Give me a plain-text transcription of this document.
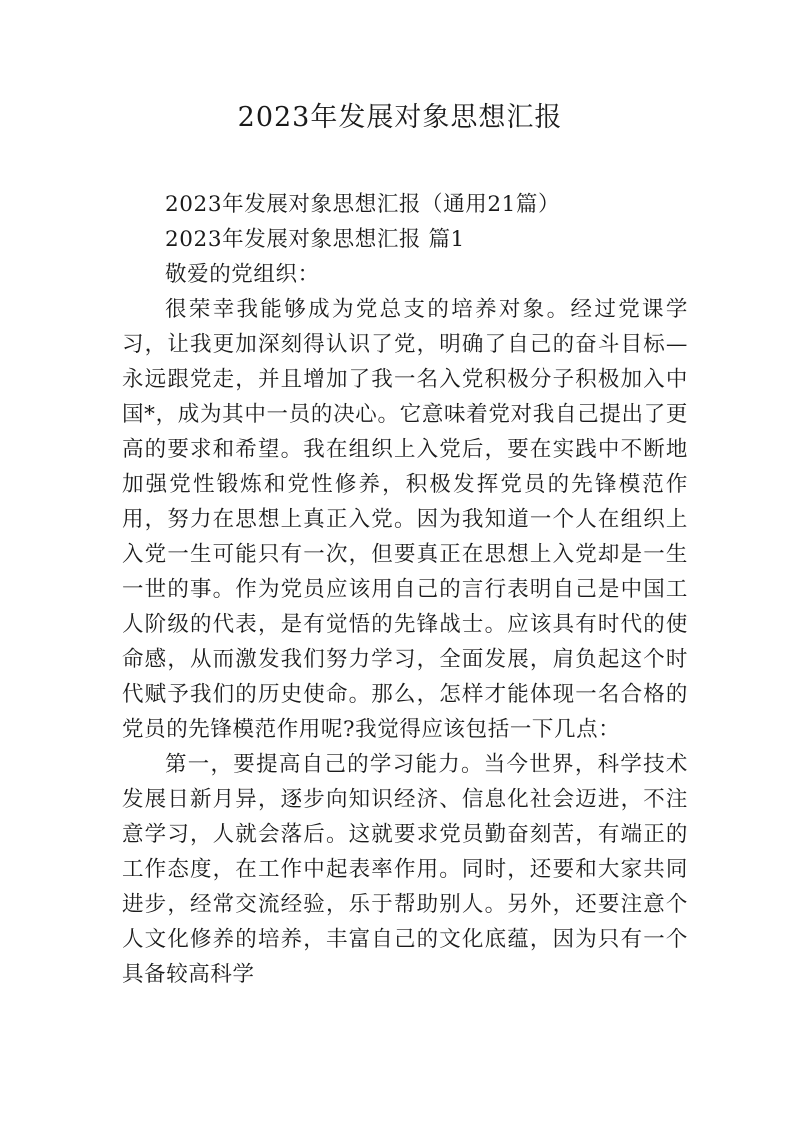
2023年发展对象思想汇报

2023年发展对象思想汇报（通用21篇）

2023年发展对象思想汇报 篇1

敬爱的党组织：

很荣幸我能够成为党总支的培养对象。经过党课学习，让我更加深刻得认识了党，明确了自己的奋斗目标—永远跟党走，并且增加了我一名入党积极分子积极加入中国*，成为其中一员的决心。它意味着党对我自己提出了更高的要求和希望。我在组织上入党后，要在实践中不断地加强党性锻炼和党性修养，积极发挥党员的先锋模范作用，努力在思想上真正入党。因为我知道一个人在组织上入党一生可能只有一次，但要真正在思想上入党却是一生一世的事。作为党员应该用自己的言行表明自己是中国工人阶级的代表，是有觉悟的先锋战士。应该具有时代的使命感，从而激发我们努力学习，全面发展，肩负起这个时代赋予我们的历史使命。那么，怎样才能体现一名合格的党员的先锋模范作用呢?我觉得应该包括一下几点：

第一，要提高自己的学习能力。当今世界，科学技术发展日新月异，逐步向知识经济、信息化社会迈进，不注意学习，人就会落后。这就要求党员勤奋刻苦，有端正的工作态度，在工作中起表率作用。同时，还要和大家共同进步，经常交流经验，乐于帮助别人。另外，还要注意个人文化修养的培养，丰富自己的文化底蕴，因为只有一个具备较高科学
